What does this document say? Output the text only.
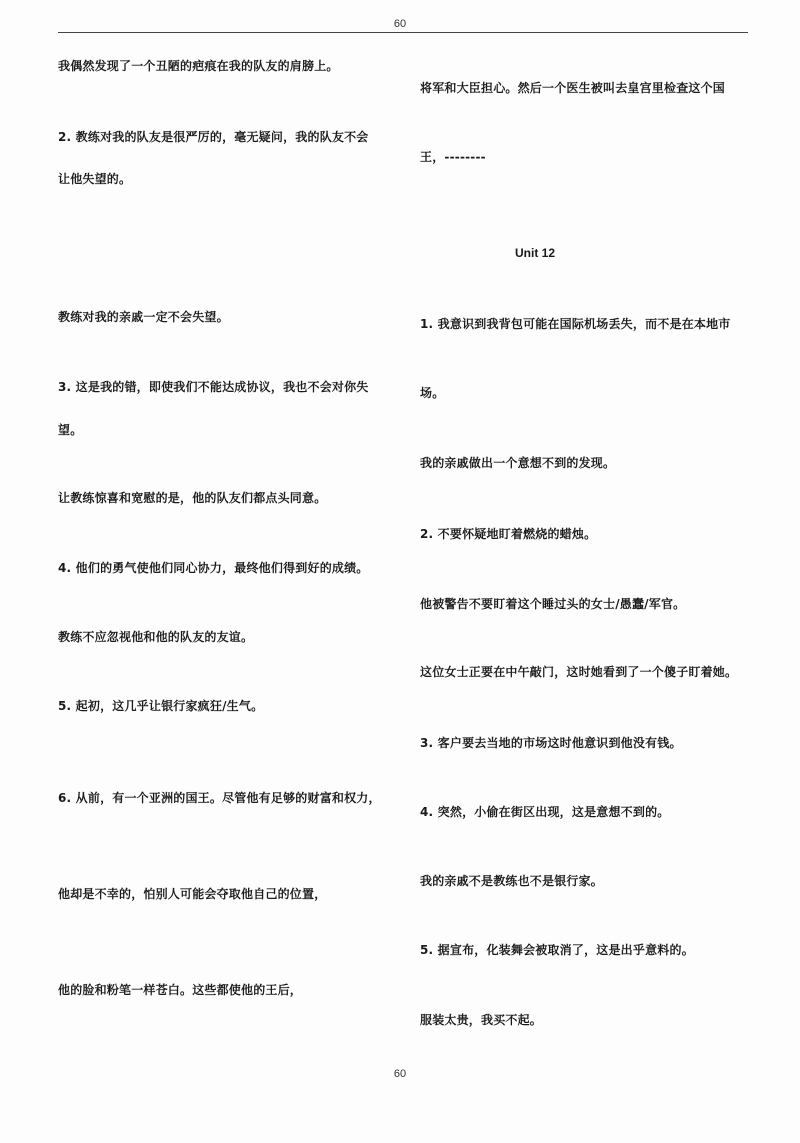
60
我偶然发现了一个丑陋的疤痕在我的队友的肩膀上。
2. 教练对我的队友是很严厉的，毫无疑问，我的队友不会
让他失望的。
教练对我的亲戚一定不会失望。
3. 这是我的错，即使我们不能达成协议，我也不会对你失
望。
让教练惊喜和宽慰的是，他的队友们都点头同意。
4. 他们的勇气使他们同心协力，最终他们得到好的成绩。
教练不应忽视他和他的队友的友谊。
5. 起初，这几乎让银行家疯狂/生气。
6. 从前，有一个亚洲的国王。尽管他有足够的财富和权力，
他却是不幸的，怕别人可能会夺取他自己的位置，
他的脸和粉笔一样苍白。这些都使他的王后，
将军和大臣担心。然后一个医生被叫去皇宫里检查这个国
王，--------
Unit 12
1. 我意识到我背包可能在国际机场丢失，而不是在本地市
场。
我的亲戚做出一个意想不到的发现。
2. 不要怀疑地盯着燃烧的蜡烛。
他被警告不要盯着这个睡过头的女士/愚蠢/军官。
这位女士正要在中午敲门，这时她看到了一个傻子盯着她。
3. 客户要去当地的市场这时他意识到他没有钱。
4. 突然，小偷在街区出现，这是意想不到的。
我的亲戚不是教练也不是银行家。
5. 据宣布，化装舞会被取消了，这是出乎意料的。
服装太贵，我买不起。
60
